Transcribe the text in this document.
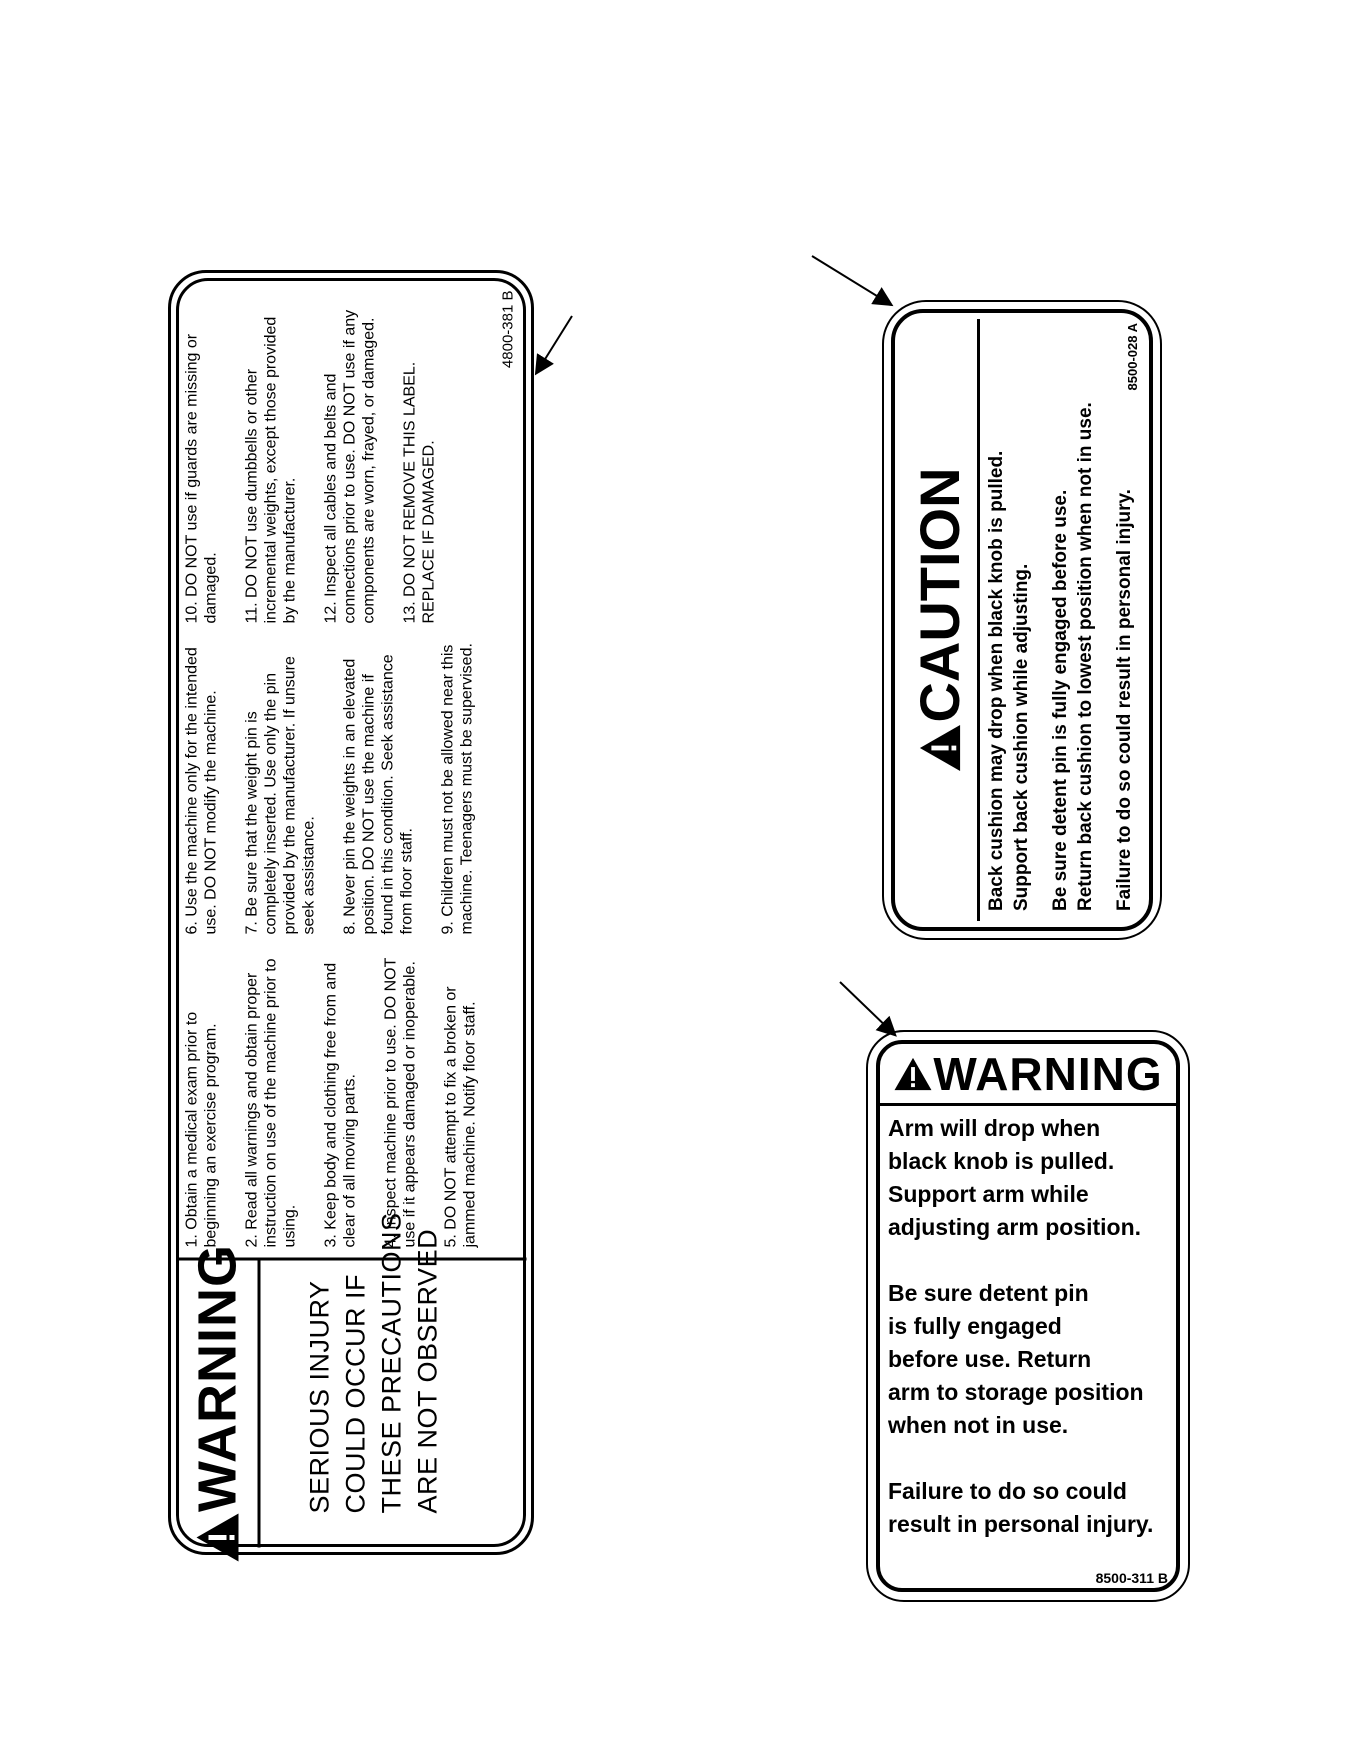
WARNING SERIOUS INJURY COULD OCCUR IF THESE PRECAUTIONS ARE NOT OBSERVED

1. Obtain a medical exam prior to beginning an exercise program. 2. Read all warnings and obtain proper instruction on use of the machine prior to using. 3. Keep body and clothing free from and clear of all moving parts. 4. Inspect machine prior to use. DO NOT use if it appears damaged or inoperable. 5. DO NOT attempt to fix a broken or jammed machine. Notify floor staff.

6. Use the machine only for the intended use. DO NOT modify the machine. 7. Be sure that the weight pin is completely inserted. Use only the pin provided by the manufacturer. If unsure seek assistance. 8. Never pin the weights in an elevated position. DO NOT use the machine if found in this condition. Seek assistance from floor staff. 9. Children must not be allowed near this machine. Teenagers must be supervised.

10. DO NOT use if guards are missing or damaged. 11. DO NOT use dumbbells or other incremental weights, except those provided by the manufacturer. 12. Inspect all cables and belts and connections prior to use. DO NOT use if any components are worn, frayed, or damaged. 13. DO NOT REMOVE THIS LABEL. REPLACE IF DAMAGED.

4800-381 B
CAUTION Back cushion may drop when black knob is pulled. Support back cushion while adjusting. Be sure detent pin is fully engaged before use. Return back cushion to lowest position when not in use. Failure to do so could result in personal injury.

8500-028 A
WARNING

Arm will drop when
black knob is pulled.
Support arm while
adjusting arm position.

Be sure detent pin
is fully engaged
before use. Return
arm to storage position
when not in use.

Failure to do so could
result in personal injury.

8500-311 B
